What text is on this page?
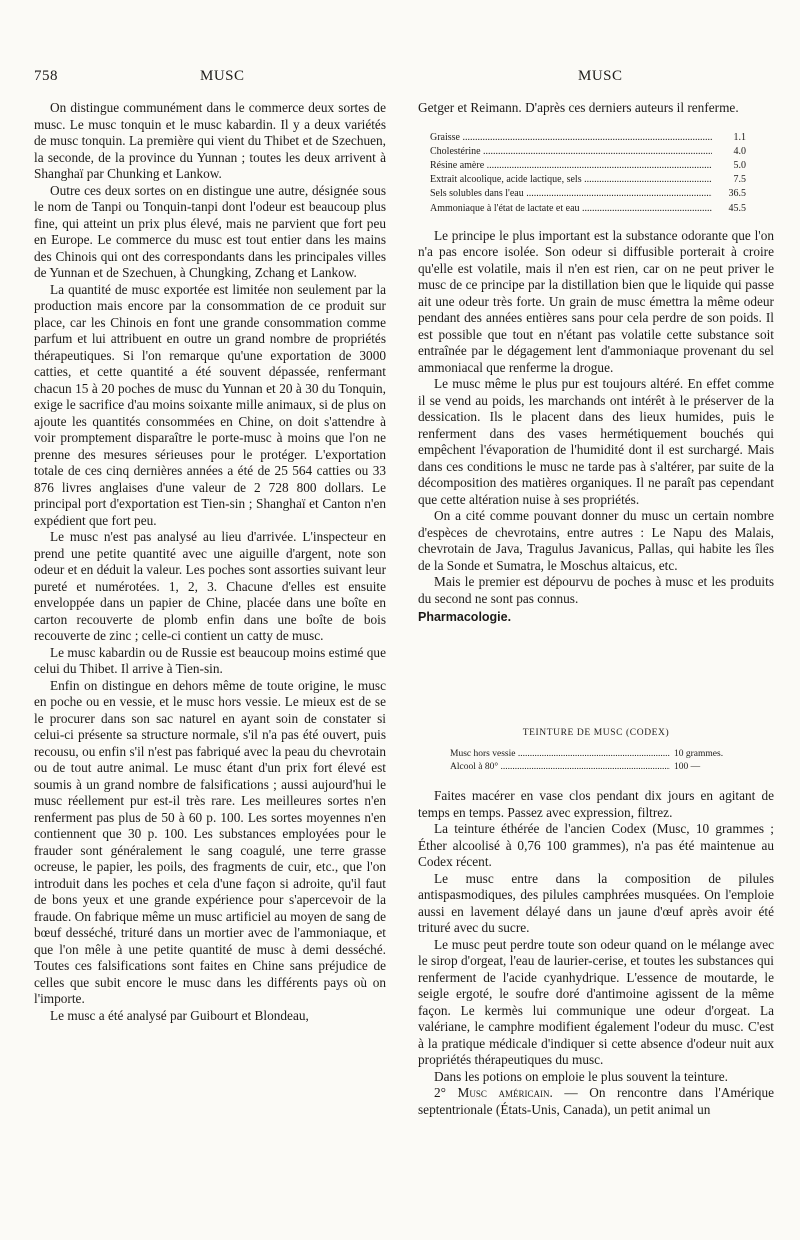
758	MUSC	MUSC

On distingue communément dans le commerce deux sortes de musc. Le musc tonquin et le musc kabardin. Il y a deux variétés de musc tonquin. La première qui vient du Thibet et de Szechuen, la seconde, de la province du Yunnan ; toutes les deux arrivent à Shanghaï par Chunking et Lankow.

Outre ces deux sortes on en distingue une autre, désignée sous le nom de Tanpi ou Tonquin-tanpi dont l'odeur est beaucoup plus fine, qui atteint un prix plus élevé, mais ne parvient que fort peu en Europe. Le commerce du musc est tout entier dans les mains des Chinois qui ont des correspondants dans les principales villes de Yunnan et de Szechuen, à Chungking, Zchang et Lankow.

La quantité de musc exportée est limitée non seulement par la production mais encore par la consommation de ce produit sur place, car les Chinois en font une grande consommation comme parfum et lui attribuent en outre un grand nombre de propriétés thérapeutiques. Si l'on remarque qu'une exportation de 3000 catties, et cette quantité a été souvent dépassée, renfermant chacun 15 à 20 poches de musc du Yunnan et 20 à 30 du Tonquin, exige le sacrifice d'au moins soixante mille animaux, si de plus on ajoute les quantités consommées en Chine, on doit s'attendre à voir promptement disparaître le porte-musc à moins que l'on ne prenne des mesures sérieuses pour le protéger. L'exportation totale de ces cinq dernières années a été de 25 564 catties ou 33 876 livres anglaises d'une valeur de 2 728 800 dollars. Le principal port d'exportation est Tien-sin ; Shanghaï et Canton n'en expédient que fort peu.

Le musc n'est pas analysé au lieu d'arrivée. L'inspecteur en prend une petite quantité avec une aiguille d'argent, note son odeur et en déduit la valeur. Les poches sont assorties suivant leur pureté et numérotées. 1, 2, 3. Chacune d'elles est ensuite enveloppée dans un papier de Chine, placée dans une boîte en carton recouverte de plomb enfin dans une boîte de bois recouverte de zinc ; celle-ci contient un catty de musc.

Le musc kabardin ou de Russie est beaucoup moins estimé que celui du Thibet. Il arrive à Tien-sin.

Enfin on distingue en dehors même de toute origine, le musc en poche ou en vessie, et le musc hors vessie. Le mieux est de se le procurer dans son sac naturel en ayant soin de constater si celui-ci présente sa structure normale, s'il n'a pas été ouvert, puis recousu, ou enfin s'il n'est pas fabriqué avec la peau du chevrotain ou de tout autre animal. Le musc étant d'un prix fort élevé est soumis à un grand nombre de falsifications ; aussi aujourd'hui le musc réellement pur est-il très rare. Les meilleures sortes n'en renferment pas plus de 50 à 60 p. 100. Les sortes moyennes n'en contiennent que 30 p. 100. Les substances employées pour le frauder sont généralement le sang coagulé, une terre grasse ocreuse, le papier, les poils, des fragments de cuir, etc., que l'on introduit dans les poches et cela d'une façon si adroite, qu'il faut de bons yeux et une grande expérience pour s'apercevoir de la fraude. On fabrique même un musc artificiel au moyen de sang de bœuf desséché, trituré dans un mortier avec de l'ammoniaque, et que l'on mêle à une petite quantité de musc à demi desséché. Toutes ces falsifications sont faites en Chine sans préjudice de celles que subit encore le musc dans les différents pays où on l'importe.

Le musc a été analysé par Guibourt et Blondeau,

Getger et Reimann. D'après ces derniers auteurs il renferme.

Graisse .....	1.1
Cholestérine .....	4.0
Résine amère .....	5.0
Extrait alcoolique, acide lactique, sels .....	7.5
Sels solubles dans l'eau .....	36.5
Ammoniaque à l'état de lactate et eau .....	45.5

Le principe le plus important est la substance odorante que l'on n'a pas encore isolée. Son odeur si diffusible porterait à croire qu'elle est volatile, mais il n'en est rien, car on ne peut priver le musc de ce principe par la distillation bien que le liquide qui passe ait une odeur très forte. Un grain de musc émettra la même odeur pendant des années entières sans pour cela perdre de son poids. Il est possible que tout en n'étant pas volatile cette substance soit entraînée par le dégagement lent d'ammoniaque provenant du sel ammoniacal que renferme la drogue.

Le musc même le plus pur est toujours altéré. En effet comme il se vend au poids, les marchands ont intérêt à le préserver de la dessication. Ils le placent dans des lieux humides, puis le renferment dans des vases hermétiquement bouchés qui empêchent l'évaporation de l'humidité dont il est surchargé. Mais dans ces conditions le musc ne tarde pas à s'altérer, par suite de la décomposition des matières organiques. Il ne paraît pas cependant que cette altération nuise à ses propriétés.

On a cité comme pouvant donner du musc un certain nombre d'espèces de chevrotains, entre autres : Le Napu des Malais, chevrotain de Java, Tragulus Javanicus, Pallas, qui habite les îles de la Sonde et Sumatra, le Moschus altaicus, etc.

Mais le premier est dépourvu de poches à musc et les produits du second ne sont pas connus.

Pharmacologie.
TEINTURE DE MUSC (CODEX)
Musc hors vessie .....	10 grammes.
Alcool à 80° .....	100 —

Faites macérer en vase clos pendant dix jours en agitant de temps en temps. Passez avec expression, filtrez.

La teinture éthérée de l'ancien Codex (Musc, 10 grammes ; Éther alcoolisé à 0,76 100 grammes), n'a pas été maintenue au Codex récent.

Le musc entre dans la composition de pilules antispasmodiques, des pilules camphrées musquées. On l'emploie aussi en lavement délayé dans un jaune d'œuf après avoir été trituré avec du sucre.

Le musc peut perdre toute son odeur quand on le mélange avec le sirop d'orgeat, l'eau de laurier-cerise, et toutes les substances qui renferment de l'acide cyanhydrique. L'essence de moutarde, le seigle ergoté, le soufre doré d'antimoine agissent de la même façon. Le kermès lui communique une odeur d'orgeat. La valériane, le camphre modifient également l'odeur du musc. C'est à la pratique médicale d'indiquer si cette absence d'odeur nuit aux propriétés thérapeutiques du musc.

Dans les potions on emploie le plus souvent la teinture.

2° Musc américain. — On rencontre dans l'Amérique septentrionale (États-Unis, Canada), un petit animal un
